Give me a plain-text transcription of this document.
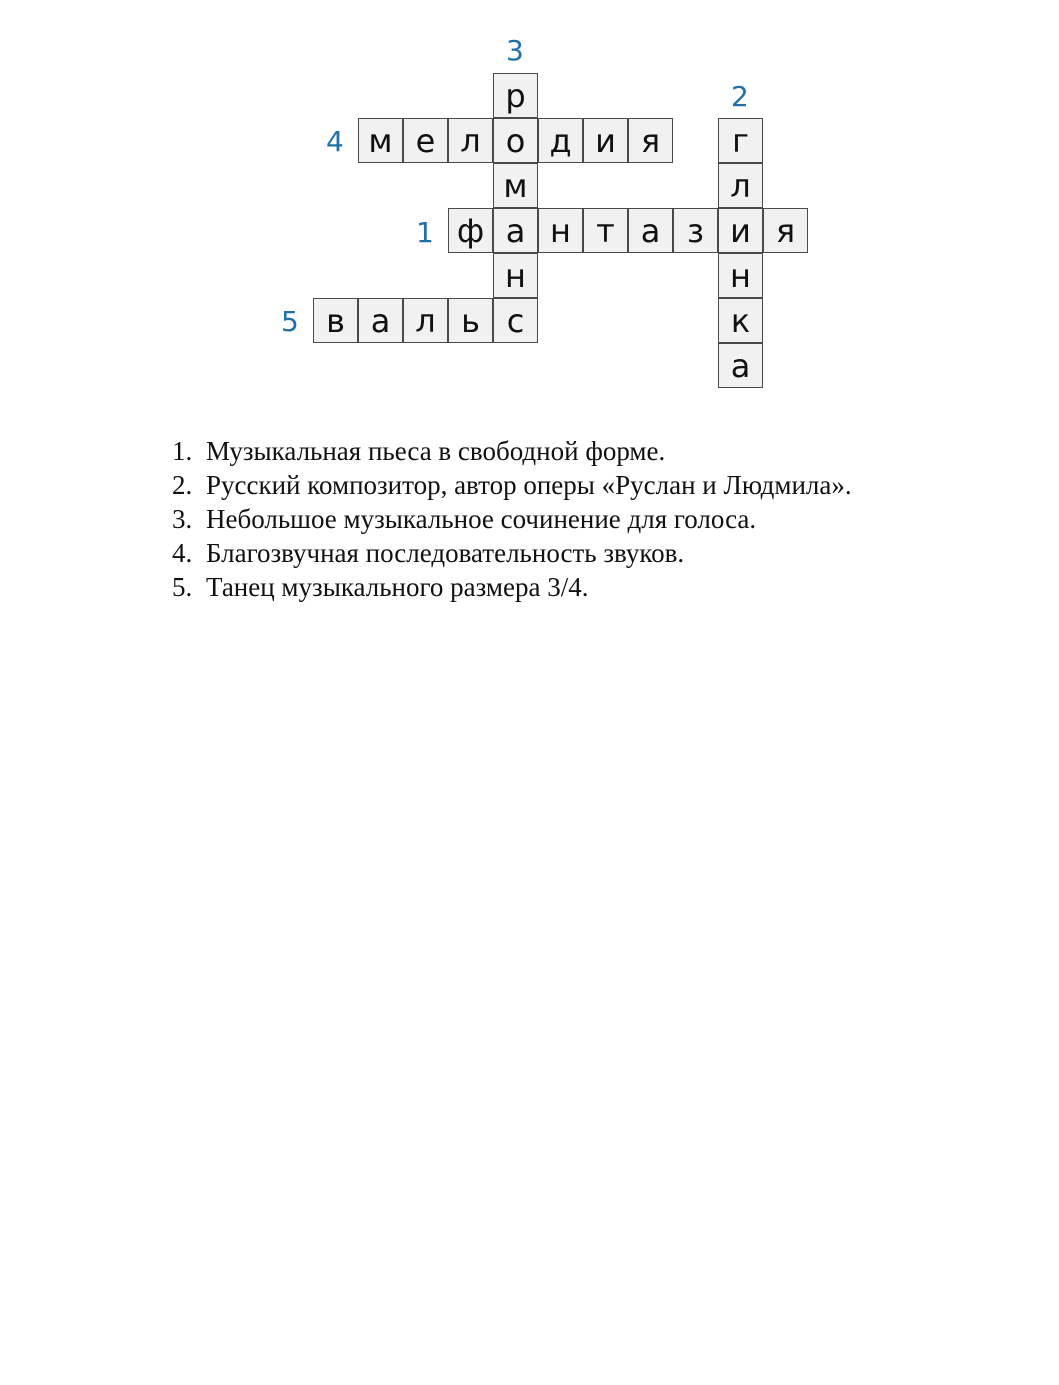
ф а н т а з и я
г
л
н
к
а
р
о
м
н
с
м е л	д и я
в а л ь
1
2
3
4
5
1. Музыкальная пьеса в свободной форме.
2. Русский композитор, автор оперы «Руслан и Людмила».
3. Небольшое музыкальное сочинение для голоса.
4. Благозвучная последовательность звуков.
5. Танец музыкального размера 3/4.
